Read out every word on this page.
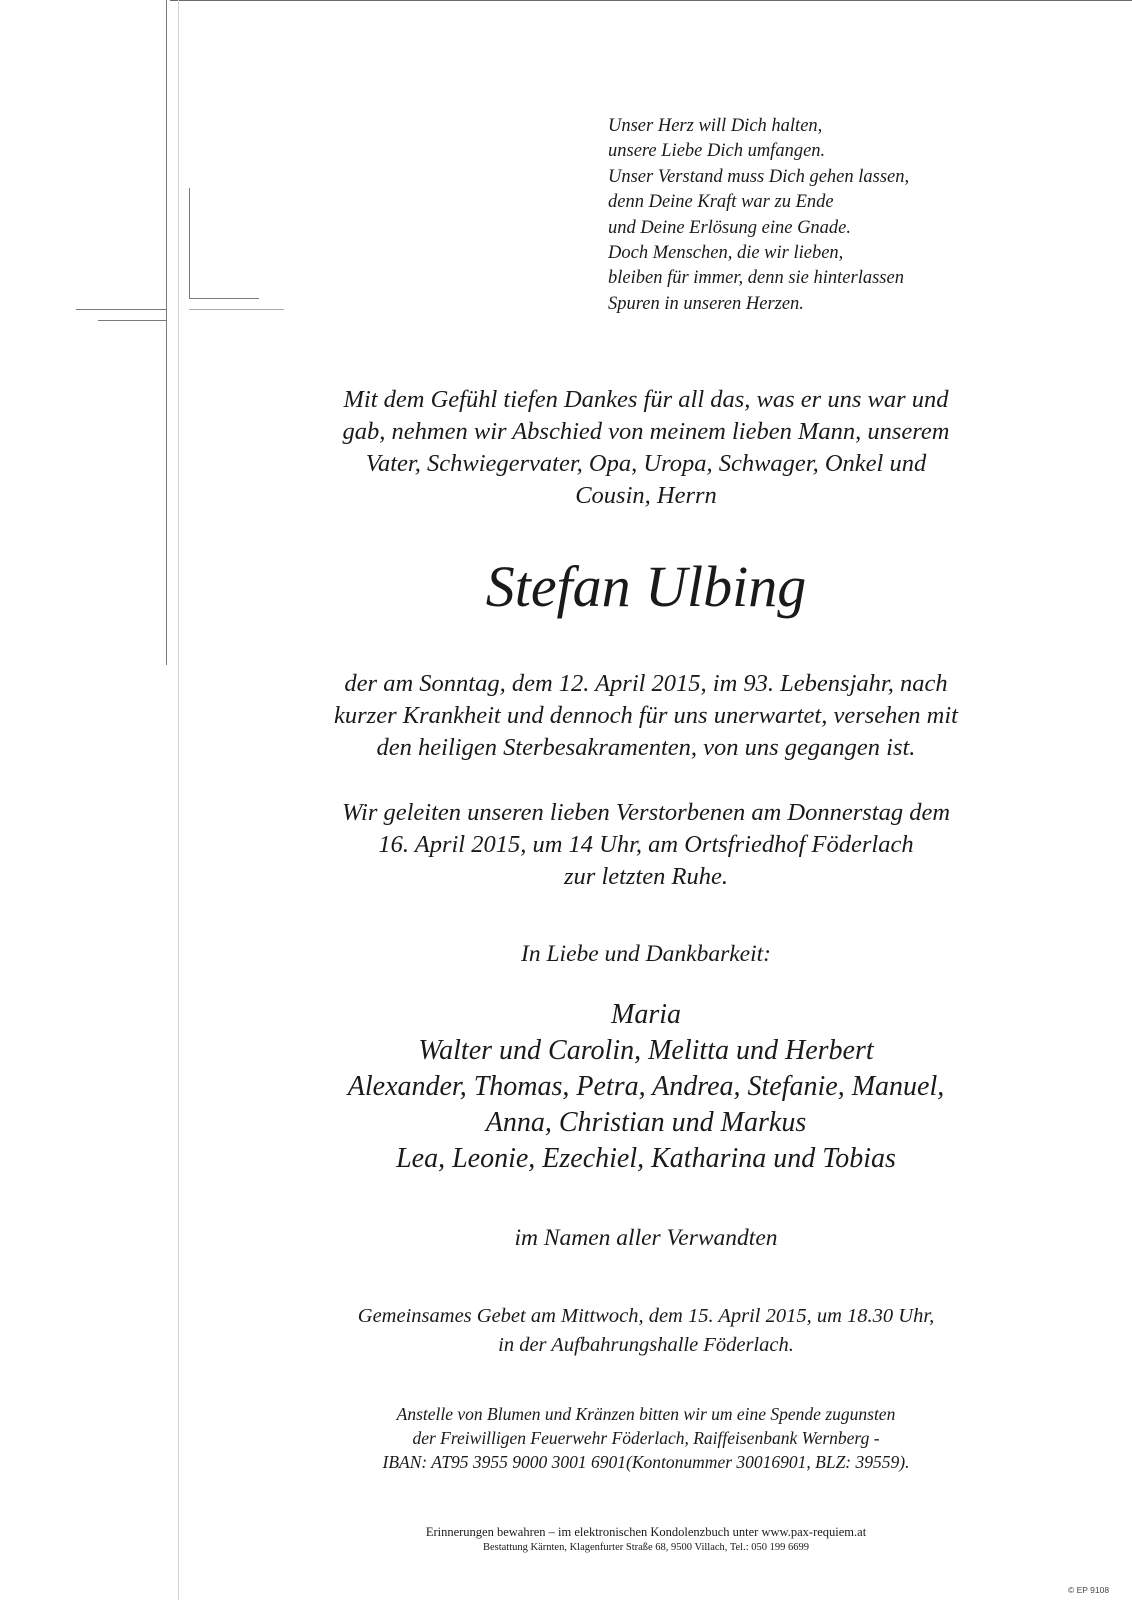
Unser Herz will Dich halten,
unsere Liebe Dich umfangen.
Unser Verstand muss Dich gehen lassen,
denn Deine Kraft war zu Ende
und Deine Erlösung eine Gnade.
Doch Menschen, die wir lieben,
bleiben für immer, denn sie hinterlassen
Spuren in unseren Herzen.
Mit dem Gefühl tiefen Dankes für all das, was er uns war und
gab, nehmen wir Abschied von meinem lieben Mann, unserem
Vater, Schwiegervater, Opa, Uropa, Schwager, Onkel und
Cousin, Herrn
Stefan Ulbing
der am Sonntag, dem 12. April 2015, im 93. Lebensjahr, nach
kurzer Krankheit und dennoch für uns unerwartet, versehen mit
den heiligen Sterbesakramenten, von uns gegangen ist.
Wir geleiten unseren lieben Verstorbenen am Donnerstag dem
16. April 2015, um 14 Uhr, am Ortsfriedhof Föderlach
zur letzten Ruhe.
In Liebe und Dankbarkeit:
Maria
Walter und Carolin, Melitta und Herbert
Alexander, Thomas, Petra, Andrea, Stefanie, Manuel,
Anna, Christian und Markus
Lea, Leonie, Ezechiel, Katharina und Tobias
im Namen aller Verwandten
Gemeinsames Gebet am Mittwoch, dem 15. April 2015, um 18.30 Uhr,
in der Aufbahrungshalle Föderlach.
Anstelle von Blumen und Kränzen bitten wir um eine Spende zugunsten
der Freiwilligen Feuerwehr Föderlach, Raiffeisenbank Wernberg -
IBAN: AT95 3955 9000 3001 6901(Kontonummer 30016901, BLZ: 39559).
Erinnerungen bewahren – im elektronischen Kondolenzbuch unter www.pax-requiem.at
Bestattung Kärnten, Klagenfurter Straße 68, 9500 Villach, Tel.: 050 199 6699
© EP 9108
